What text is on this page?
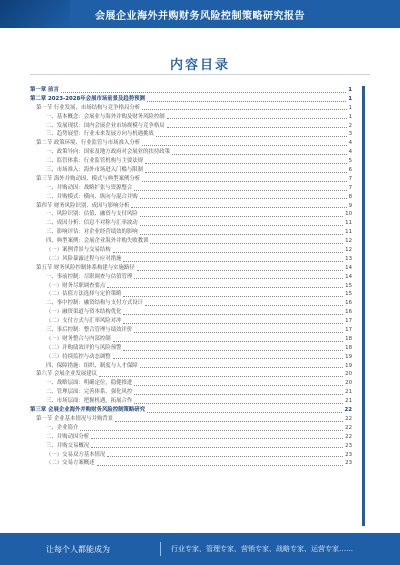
会展企业海外并购财务风险控制策略研究报告
内容目录
第一章 前言	1
第二章 2023-2028年会展市场前景及趋势预测	1
第一节 行业发展、市场结构与竞争格局分析	1
一、基本概念：会展业与海外并购及财务风险控制	1
二、发展现状：国内会展企业市场规模与竞争格局	2
三、趋势展望：行业未来发展方向与机遇挑战	3
第二节 政策环境、行业监管与市场准入分析	4
一、政策导向：国家及地方政府对会展业的扶持政策	4
二、监管体系：行业监管机构与主要法规	5
三、市场准入：海外市场进入门槛与限制	6
第三节 海外并购动因、模式与典型案例分析	7
一、并购动因：战略扩张与资源整合	7
二、并购模式：横向、纵向与混合并购	8
第四节 财务风险识别、成因与影响分析	9
一、风险识别：估值、融资与支付风险	10
二、成因分析：信息不对称与汇率波动	11
三、影响评估：对企业经营绩效的影响	11
四、典型案例：会展企业海外并购失败教训	12
（一）案例背景与交易结构	12
（二）风险暴露过程与应对措施	13
第五节 财务风险控制体系构建与实施路径	14
一、事前控制：尽职调查与估值管理	14
（一）财务尽职调查要点	15
（二）估值方法选择与定价策略	15
二、事中控制：融资结构与支付方式设计	16
（一）融资渠道与资本结构优化	16
（二）支付方式与汇率风险对冲	17
三、事后控制：整合管理与绩效评价	17
（一）财务整合与内部控制	18
（二）并购绩效评价与风险预警	18
（三）持续监控与动态调整	19
四、保障措施：组织、制度与人才保障	19
第六节 会展企业发展建议	20
一、战略层面：明确定位，稳健推进	20
二、管理层面：完善体系，强化风控	21
三、市场层面：把握机遇，拓展合作	21
第三章 会展企业海外并购财务风险控制策略研究	22
第一节 企业基本情况与并购背景	22
一、企业简介	22
二、并购动因分析	22
三、并购交易概况	23
（一）交易双方基本情况	23
（二）交易方案概述	23
让每个人都能成为	行业专家、管理专家、营销专家、战略专家、运营专家……
